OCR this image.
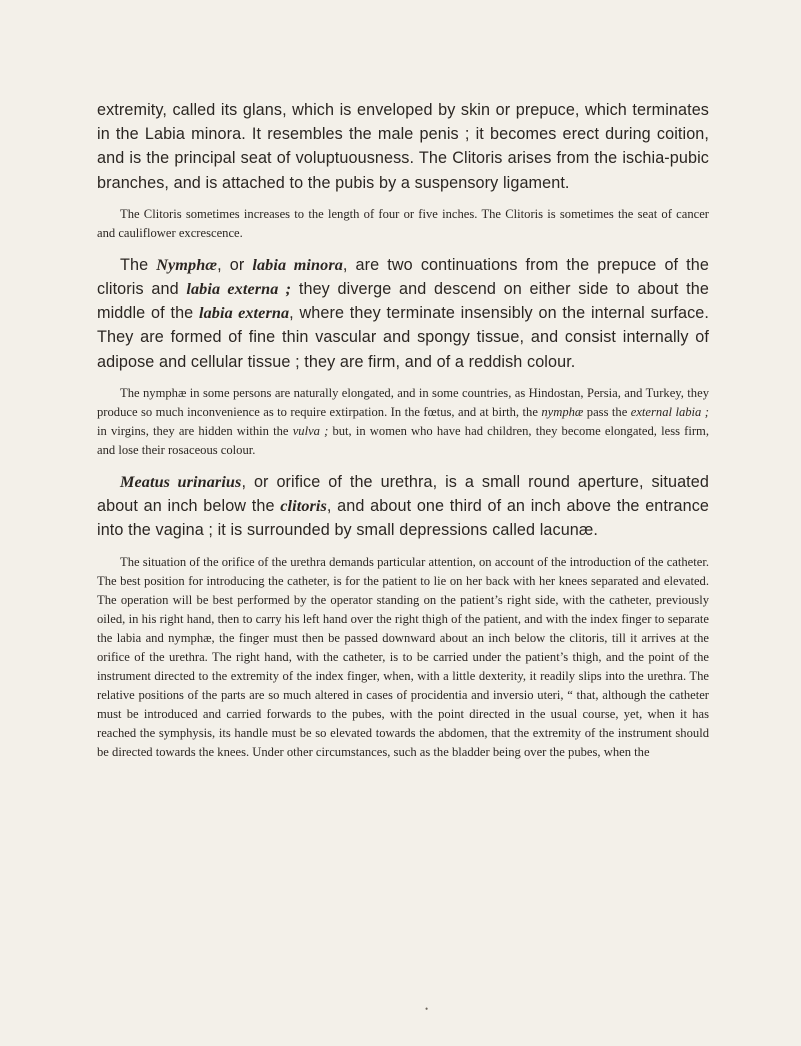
extremity, called its glans, which is enveloped by skin or prepuce, which terminates in the Labia minora. It resembles the male penis ; it becomes erect during coition, and is the principal seat of voluptuousness. The Clitoris arises from the ischia-pubic branches, and is attached to the pubis by a suspensory ligament.

The Clitoris sometimes increases to the length of four or five inches. The Clitoris is sometimes the seat of cancer and cauliflower excrescence.

The Nymphæ, or labia minora, are two continuations from the prepuce of the clitoris and labia externa ; they diverge and descend on either side to about the middle of the labia externa, where they terminate insensibly on the internal surface. They are formed of fine thin vascular and spongy tissue, and consist internally of adipose and cellular tissue ; they are firm, and of a reddish colour.

The nymphæ in some persons are naturally elongated, and in some countries, as Hindostan, Persia, and Turkey, they produce so much inconvenience as to require extirpation. In the fœtus, and at birth, the nymphæ pass the external labia ; in virgins, they are hidden within the vulva ; but, in women who have had children, they become elongated, less firm, and lose their rosaceous colour.

Meatus urinarius, or orifice of the urethra, is a small round aperture, situated about an inch below the clitoris, and about one third of an inch above the entrance into the vagina ; it is surrounded by small depressions called lacunæ.

The situation of the orifice of the urethra demands particular attention, on account of the introduction of the catheter. The best position for introducing the catheter, is for the patient to lie on her back with her knees separated and elevated. The operation will be best performed by the operator standing on the patient’s right side, with the catheter, previously oiled, in his right hand, then to carry his left hand over the right thigh of the patient, and with the index finger to separate the labia and nymphæ, the finger must then be passed downward about an inch below the clitoris, till it arrives at the orifice of the urethra. The right hand, with the catheter, is to be carried under the patient’s thigh, and the point of the instrument directed to the extremity of the index finger, when, with a little dexterity, it readily slips into the urethra. The relative positions of the parts are so much altered in cases of procidentia and inversio uteri, “ that, although the catheter must be introduced and carried forwards to the pubes, with the point directed in the usual course, yet, when it has reached the symphysis, its handle must be so elevated towards the abdomen, that the extremity of the instrument should be directed towards the knees. Under other circumstances, such as the bladder being over the pubes, when the

•
